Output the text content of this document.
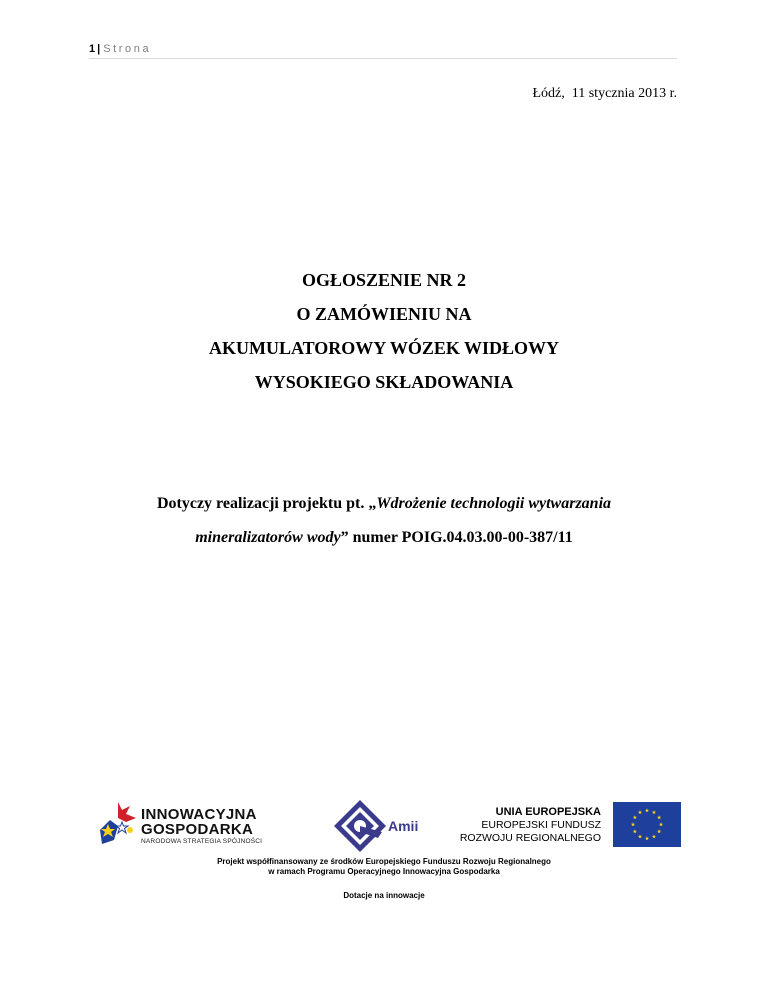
1 | Strona
Łódź,  11 stycznia 2013 r.
OGŁOSZENIE NR 2
O ZAMÓWIENIU NA
AKUMULATOROWY WÓZEK WIDŁOWY
WYSOKIEGO SKŁADOWANIA
Dotyczy realizacji projektu pt. „Wdrożenie technologii wytwarzania
mineralizatorów wody” numer POIG.04.03.00-00-387/11
INNOWACYJNA
GOSPODARKA
NARODOWA STRATEGIA SPÓJNOŚCI
Amii
UNIA EUROPEJSKA
EUROPEJSKI FUNDUSZ
ROZWOJU REGIONALNEGO
Projekt współfinansowany ze środków Europejskiego Funduszu Rozwoju Regionalnego
w ramach Programu Operacyjnego Innowacyjna Gospodarka
Dotacje na innowacje
